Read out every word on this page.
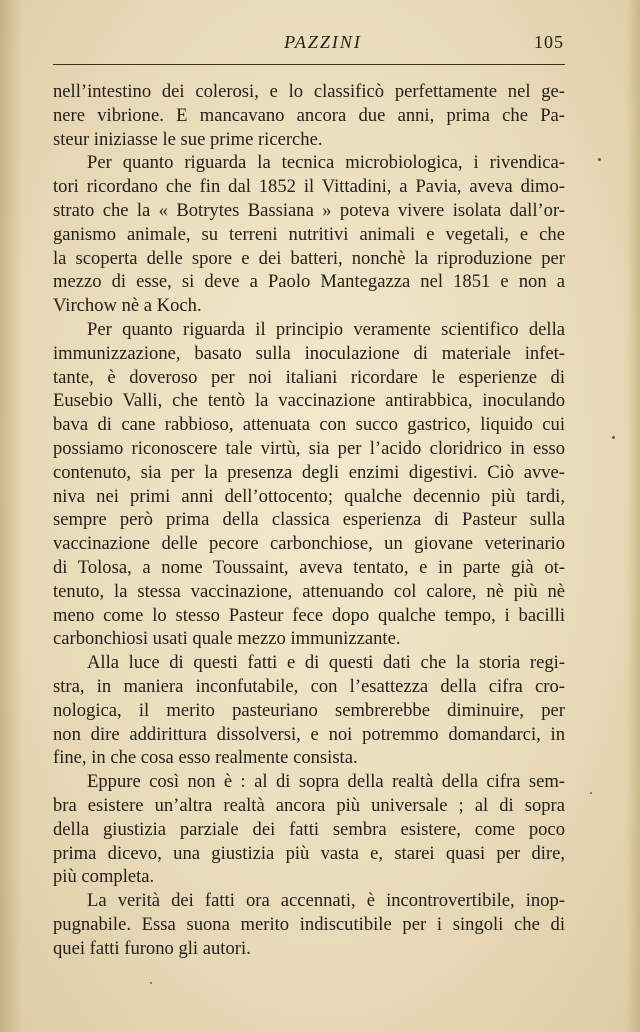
PAZZINI	105

nell’intestino dei colerosi, e lo classificò perfettamente nel ge-
nere vibrione. E mancavano ancora due anni, prima che Pa-
steur iniziasse le sue prime ricerche.

Per quanto riguarda la tecnica microbiologica, i rivendica-
tori ricordano che fin dal 1852 il Vittadini, a Pavia, aveva dimo-
strato che la « Botrytes Bassiana » poteva vivere isolata dall’or-
ganismo animale, su terreni nutritivi animali e vegetali, e che
la scoperta delle spore e dei batteri, nonchè la riproduzione per
mezzo di esse, si deve a Paolo Mantegazza nel 1851 e non a
Virchow nè a Koch.

Per quanto riguarda il principio veramente scientifico della
immunizzazione, basato sulla inoculazione di materiale infet-
tante, è doveroso per noi italiani ricordare le esperienze di
Eusebio Valli, che tentò la vaccinazione antirabbica, inoculando
bava di cane rabbioso, attenuata con succo gastrico, liquido cui
possiamo riconoscere tale virtù, sia per l’acido cloridrico in esso
contenuto, sia per la presenza degli enzimi digestivi. Ciò avve-
niva nei primi anni dell’ottocento; qualche decennio più tardi,
sempre però prima della classica esperienza di Pasteur sulla
vaccinazione delle pecore carbonchiose, un giovane veterinario
di Tolosa, a nome Toussaint, aveva tentato, e in parte già ot-
tenuto, la stessa vaccinazione, attenuando col calore, nè più nè
meno come lo stesso Pasteur fece dopo qualche tempo, i bacilli
carbonchiosi usati quale mezzo immunizzante.

Alla luce di questi fatti e di questi dati che la storia regi-
stra, in maniera inconfutabile, con l’esattezza della cifra cro-
nologica, il merito pasteuriano sembrerebbe diminuire, per
non dire addirittura dissolversi, e noi potremmo domandarci, in
fine, in che cosa esso realmente consista.

Eppure così non è : al di sopra della realtà della cifra sem-
bra esistere un’altra realtà ancora più universale ; al di sopra
della giustizia parziale dei fatti sembra esistere, come poco
prima dicevo, una giustizia più vasta e, starei quasi per dire,
più completa.

La verità dei fatti ora accennati, è incontrovertibile, inop-
pugnabile. Essa suona merito indiscutibile per i singoli che di
quei fatti furono gli autori.
